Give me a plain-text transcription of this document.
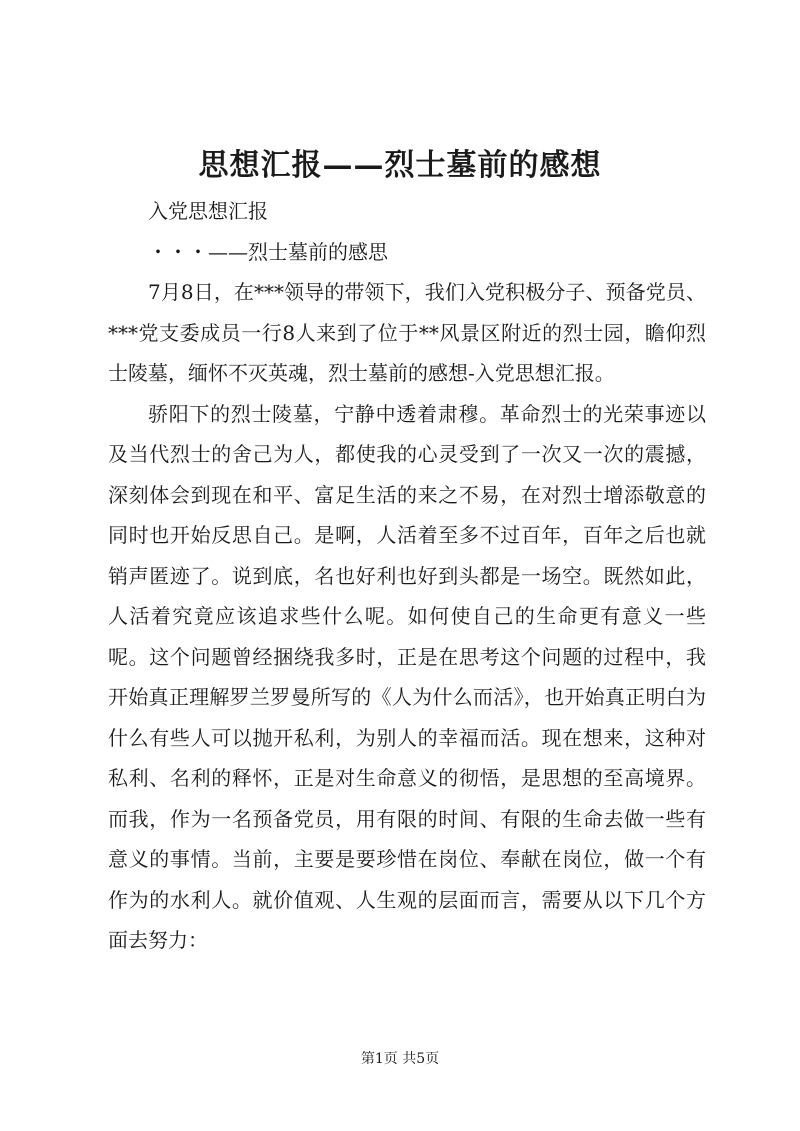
思想汇报——烈士墓前的感想

入党思想汇报

・・・——烈士墓前的感思

7月8日，在***领导的带领下，我们入党积极分子、预备党员、***党支委成员一行8人来到了位于**风景区附近的烈士园，瞻仰烈士陵墓，缅怀不灭英魂，烈士墓前的感想-入党思想汇报。

骄阳下的烈士陵墓，宁静中透着肃穆。革命烈士的光荣事迹以及当代烈士的舍己为人，都使我的心灵受到了一次又一次的震撼，深刻体会到现在和平、富足生活的来之不易，在对烈士增添敬意的同时也开始反思自己。是啊，人活着至多不过百年，百年之后也就销声匿迹了。说到底，名也好利也好到头都是一场空。既然如此，人活着究竟应该追求些什么呢。如何使自己的生命更有意义一些呢。这个问题曾经捆绕我多时，正是在思考这个问题的过程中，我开始真正理解罗兰罗曼所写的《人为什么而活》，也开始真正明白为什么有些人可以抛开私利，为别人的幸福而活。现在想来，这种对私利、名利的释怀，正是对生命意义的彻悟，是思想的至高境界。而我，作为一名预备党员，用有限的时间、有限的生命去做一些有意义的事情。当前，主要是要珍惜在岗位、奉献在岗位，做一个有作为的水利人。就价值观、人生观的层面而言，需要从以下几个方面去努力：

第1页 共5页
